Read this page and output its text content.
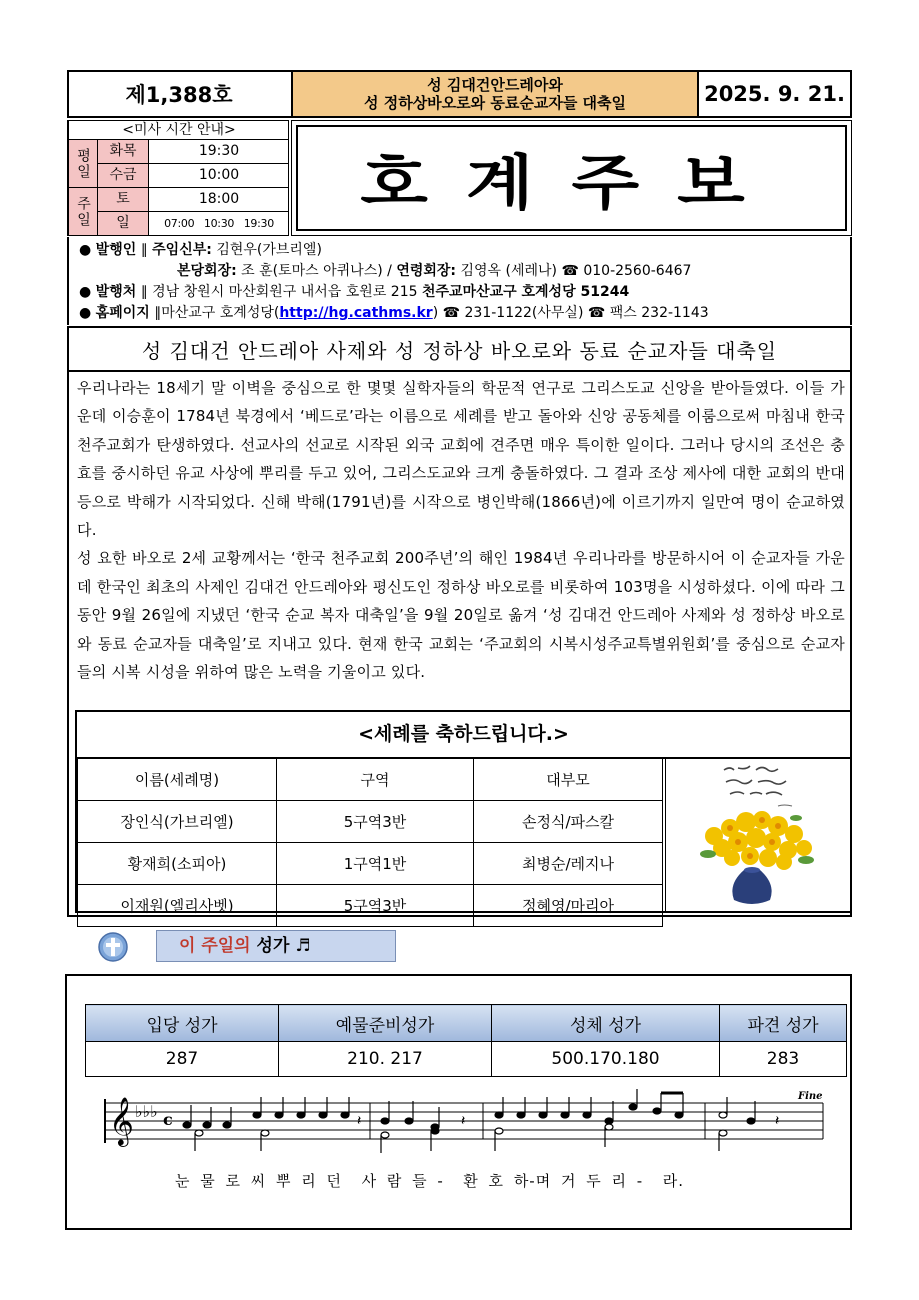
제1,388호	성 김대건안드레아와
성 정하상바오로와 동료순교자들 대축일	2025. 9. 21.
<미사 시간 안내>
평일
주일
화목	19:30
수금	10:00
토	18:00
일	07:00   10:30   19:30
호계주보
● 발행인 ∥ 주임신부: 김현우(가브리엘)
본당회장: 조 훈(토마스 아퀴나스) / 연령회장: 김영옥 (세레나) ☎ 010-2560-6467
● 발행처 ∥ 경남 창원시 마산회원구 내서읍 호원로 215 천주교마산교구 호계성당 51244
● 홈페이지 ∥마산교구 호계성당(http://hg.cathms.kr) ☎ 231-1122(사무실) ☎ 팩스 232-1143
성 김대건 안드레아 사제와 성 정하상 바오로와 동료 순교자들 대축일

우리나라는 18세기 말 이벽을 중심으로 한 몇몇 실학자들의 학문적 연구로 그리스도교 신앙을 받아들였다. 이들 가운데 이승훈이 1784년 북경에서 ‘베드로’라는 이름으로 세례를 받고 돌아와 신앙 공동체를 이룸으로써 마침내 한국 천주교회가 탄생하였다. 선교사의 선교로 시작된 외국 교회에 견주면 매우 특이한 일이다. 그러나 당시의 조선은 충효를 중시하던 유교 사상에 뿌리를 두고 있어, 그리스도교와 크게 충돌하였다. 그 결과 조상 제사에 대한 교회의 반대 등으로 박해가 시작되었다. 신해 박해(1791년)를 시작으로 병인박해(1866년)에 이르기까지 일만여 명이 순교하였다.

성 요한 바오로 2세 교황께서는 ‘한국 천주교회 200주년’의 해인 1984년 우리나라를 방문하시어 이 순교자들 가운데 한국인 최초의 사제인 김대건 안드레아와 평신도인 정하상 바오로를 비롯하여 103명을 시성하셨다. 이에 따라 그동안 9월 26일에 지냈던 ‘한국 순교 복자 대축일’을 9월 20일로 옮겨 ‘성 김대건 안드레아 사제와 성 정하상 바오로와 동료 순교자들 대축일’로 지내고 있다. 현재 한국 교회는 ‘주교회의 시복시성주교특별위원회’를 중심으로 순교자들의 시복 시성을 위하여 많은 노력을 기울이고 있다.

<세례를 축하드립니다.>
이름(세례명)	구역	대부모
장인식(가브리엘)	5구역3반	손정식/파스칼
황재희(소피아)	1구역1반	최병순/레지나
이재원(엘리사벳)	5구역3반	정혜영/마리아
이 주일의 성가 ♬
입당 성가	예물준비성가	성체 성가	파견 성가
287	210. 217	500.170.180	283
𝄞 ♭♭♭ c
Fine
𝄽	𝄽	𝄽
눈 물 로 씨 뿌 리 던  사 람 들 -  환 호 하-며 거 두 리 -  라.
